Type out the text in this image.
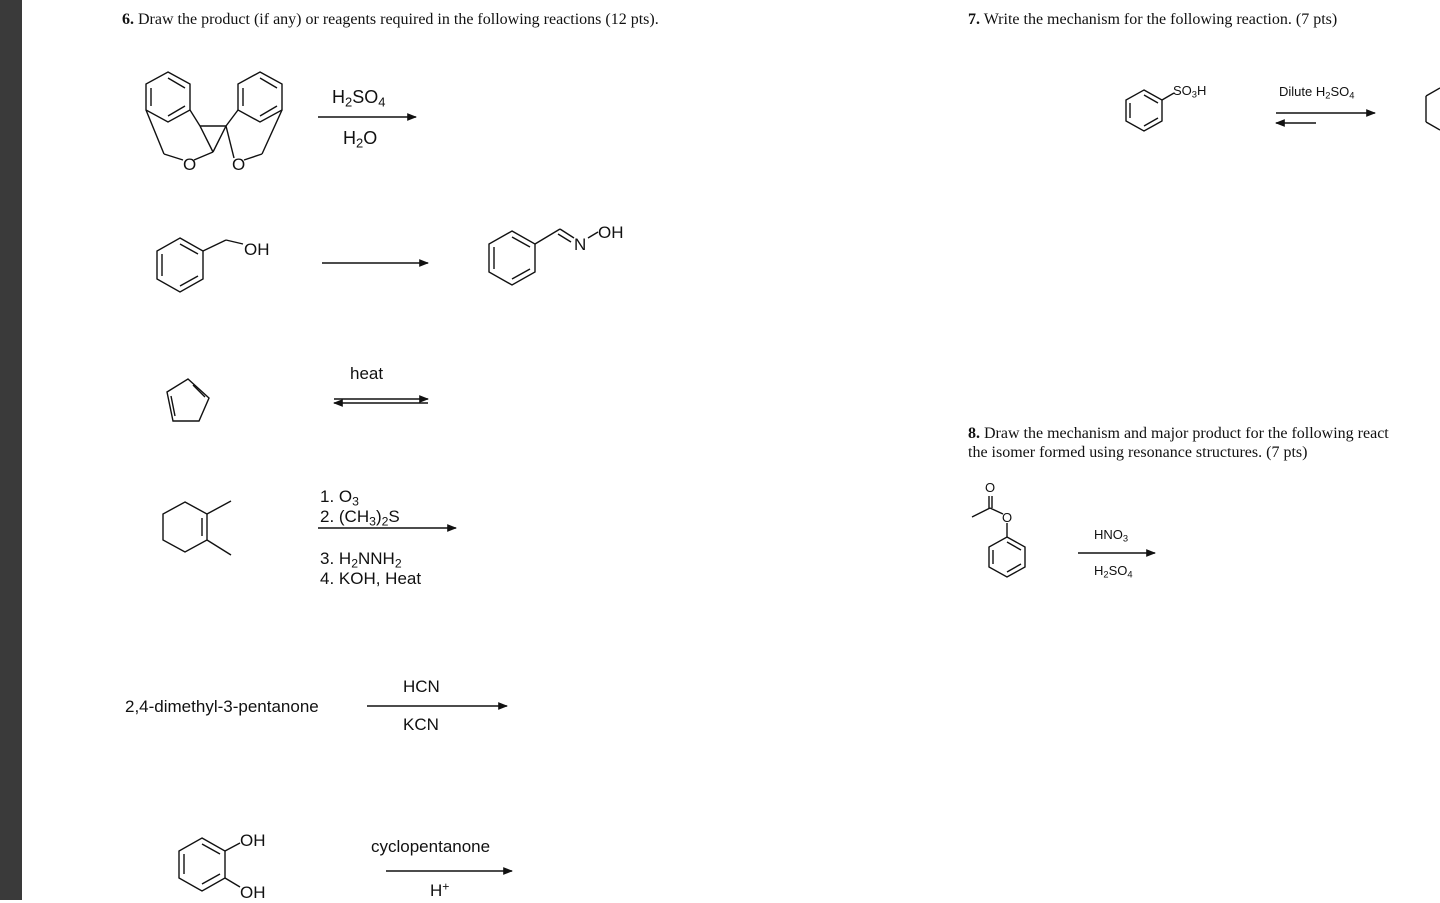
6. Draw the product (if any) or reagents required in the following reactions (12 pts).	7. Write the mechanism for the following reaction. (7 pts)
8. Draw the mechanism and major product for the following react
the isomer formed using resonance structures. (7 pts)
O O
$H_2SO_4$
$H_2O$
OH	N
OH
heat
1. $O_3$
2. $(CH_3)_2S$
3. $H_2NNH_2$
4. KOH, Heat
2,4-dimethyl-3-pentanone
HCN
KCN
OH
OH
cyclopentanone
H+
$SO_3H$	Dilute $H_2SO_4$
O
O
$HNO_3$
$H_2SO_4$
